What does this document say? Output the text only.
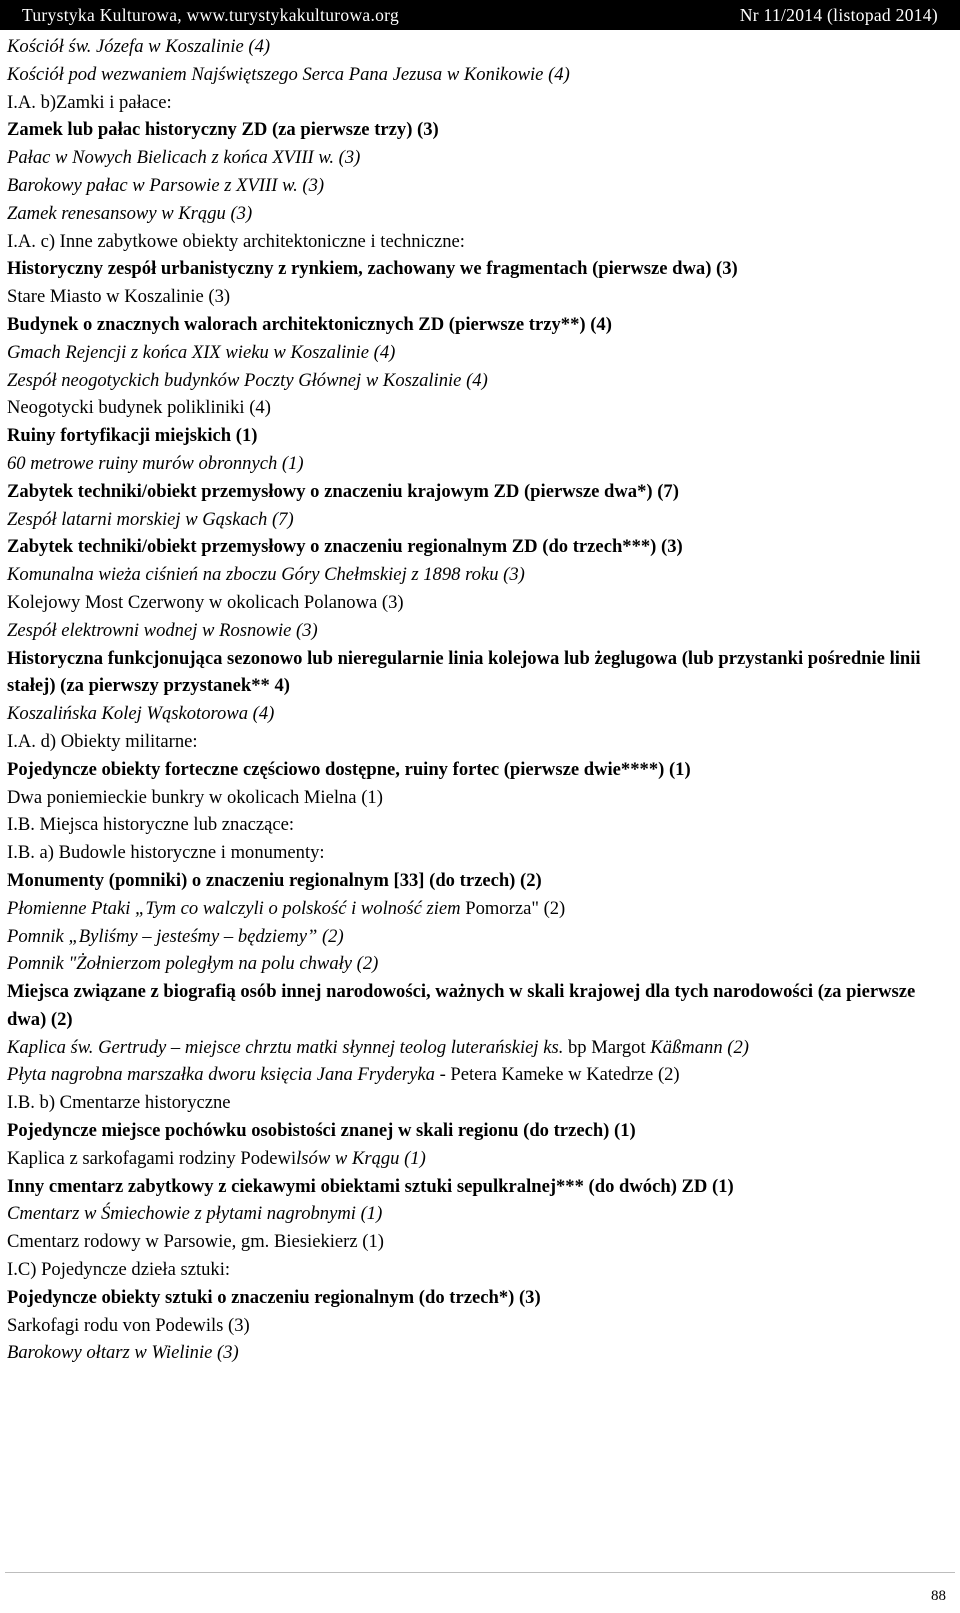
Turystyka Kulturowa, www.turystykakulturowa.org	Nr 11/2014 (listopad 2014)
Kościół św. Józefa w Koszalinie (4)
Kościół pod wezwaniem Najświętszego Serca Pana Jezusa w Konikowie (4)
I.A. b)Zamki i pałace:
Zamek lub pałac historyczny ZD (za pierwsze trzy) (3)
Pałac w Nowych Bielicach z końca XVIII w. (3)
Barokowy pałac w Parsowie z XVIII w. (3)
Zamek renesansowy w Krągu (3)
I.A. c) Inne zabytkowe obiekty architektoniczne i techniczne:
Historyczny zespół urbanistyczny z rynkiem, zachowany we fragmentach (pierwsze dwa) (3)
Stare Miasto w Koszalinie (3)
Budynek o znacznych walorach architektonicznych ZD (pierwsze trzy**) (4)
Gmach Rejencji z końca XIX wieku w Koszalinie (4)
Zespół neogotyckich budynków Poczty Głównej w Koszalinie (4)
Neogotycki budynek polikliniki (4)
Ruiny fortyfikacji miejskich (1)
60 metrowe ruiny murów obronnych (1)
Zabytek techniki/obiekt przemysłowy o znaczeniu krajowym ZD (pierwsze dwa*) (7)
Zespół latarni morskiej w Gąskach (7)
Zabytek techniki/obiekt przemysłowy o znaczeniu regionalnym ZD (do trzech***) (3)
Komunalna wieża ciśnień na zboczu Góry Chełmskiej z 1898 roku (3)
Kolejowy Most Czerwony w okolicach Polanowa (3)
Zespół elektrowni wodnej w Rosnowie (3)
Historyczna funkcjonująca sezonowo lub nieregularnie linia kolejowa lub żeglugowa (lub przystanki pośrednie linii stałej) (za pierwszy przystanek** 4)
Koszalińska Kolej Wąskotorowa (4)
I.A. d) Obiekty militarne:
Pojedyncze obiekty forteczne częściowo dostępne, ruiny fortec (pierwsze dwie****) (1)
Dwa poniemieckie bunkry w okolicach Mielna (1)
I.B. Miejsca historyczne lub znaczące:
I.B. a) Budowle historyczne i monumenty:
Monumenty (pomniki) o znaczeniu regionalnym [33] (do trzech) (2)
Płomienne Ptaki „Tym co walczyli o polskość i wolność ziem Pomorza" (2)
Pomnik „Byliśmy – jesteśmy – będziemy” (2)
Pomnik "Żołnierzom poległym na polu chwały (2)
Miejsca związane z biografią osób innej narodowości, ważnych w skali krajowej dla tych narodowości (za pierwsze dwa) (2)
Kaplica św. Gertrudy – miejsce chrztu matki słynnej teolog luterańskiej ks. bp Margot Käßmann (2)
Płyta nagrobna marszałka dworu księcia Jana Fryderyka - Petera Kameke w Katedrze (2)
I.B. b) Cmentarze historyczne
Pojedyncze miejsce pochówku osobistości znanej w skali regionu (do trzech) (1)
Kaplica z sarkofagami rodziny Podewilsów w Krągu (1)
Inny cmentarz zabytkowy z ciekawymi obiektami sztuki sepulkralnej*** (do dwóch) ZD (1)
Cmentarz w Śmiechowie z płytami nagrobnymi (1)
Cmentarz rodowy w Parsowie, gm. Biesiekierz (1)
I.C) Pojedyncze dzieła sztuki:
Pojedyncze obiekty sztuki o znaczeniu regionalnym (do trzech*) (3)
Sarkofagi rodu von Podewils (3)
Barokowy ołtarz w Wielinie (3)
88
